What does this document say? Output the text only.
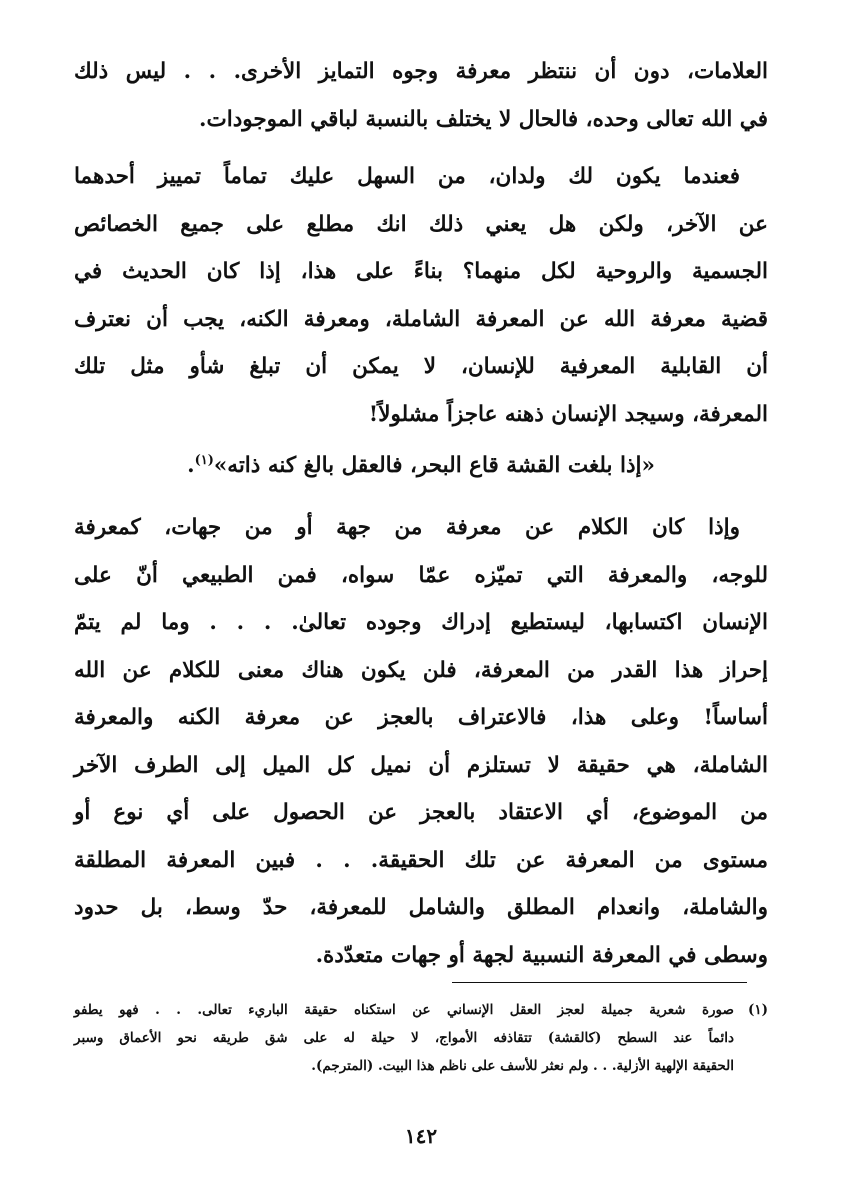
العلامات، دون أن ننتظر معرفة وجوه التمايز الأخرى. . . ليس ذلك
في الله تعالى وحده، فالحال لا يختلف بالنسبة لباقي الموجودات.

فعندما يكون لك ولدان، من السهل عليك تماماً تمييز أحدهما
عن الآخر، ولكن هل يعني ذلك انك مطلع على جميع الخصائص
الجسمية والروحية لكل منهما؟ بناءً على هذا، إذا كان الحديث في
قضية معرفة الله عن المعرفة الشاملة، ومعرفة الكنه، يجب أن نعترف
أن القابلية المعرفية للإنسان، لا يمكن أن تبلغ شأو مثل تلك
المعرفة، وسيجد الإنسان ذهنه عاجزاً مشلولاً!

«إذا بلغت القشة قاع البحر، فالعقل بالغ كنه ذاته»$^{(١)}$.

وإذا كان الكلام عن معرفة من جهة أو من جهات، كمعرفة
للوجه، والمعرفة التي تميّزه عمّا سواه، فمن الطبيعي أنّ على
الإنسان اكتسابها، ليستطيع إدراك وجوده تعالىٰ. . . . وما لم يتمّ
إحراز هذا القدر من المعرفة، فلن يكون هناك معنى للكلام عن الله
أساساً! وعلى هذا، فالاعتراف بالعجز عن معرفة الكنه والمعرفة
الشاملة، هي حقيقة لا تستلزم أن نميل كل الميل إلى الطرف الآخر
من الموضوع، أي الاعتقاد بالعجز عن الحصول على أي نوع أو
مستوى من المعرفة عن تلك الحقيقة. . . فبين المعرفة المطلقة
والشاملة، وانعدام المطلق والشامل للمعرفة، حدّ وسط، بل حدود
وسطى في المعرفة النسبية لجهة أو جهات متعدّدة.

(١)صورة شعرية جميلة لعجز العقل الإنساني عن استكناه حقيقة الباريء تعالى. . . فهو يطفو
دائماً عند السطح (كالقشة) تتقاذفه الأمواج، لا حيلة له على شق طريقه نحو الأعماق وسبر
الحقيقة الإلهية الأزلية. . . ولم نعثر للأسف على ناظم هذا البيت. (المترجم).
١٤٢
